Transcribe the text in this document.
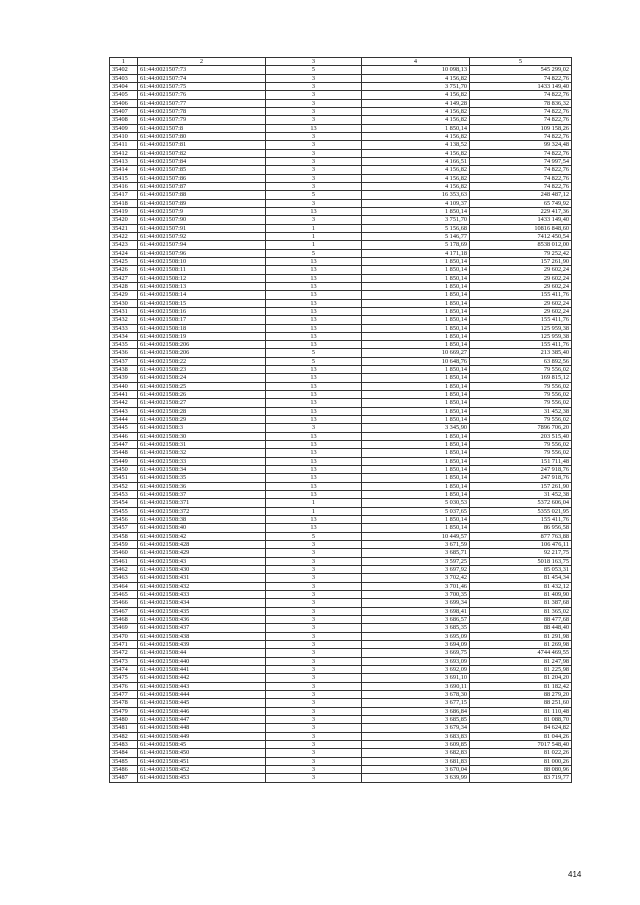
1	2	3	4	5
35402	61:44:0021507:73	5	10 098,13	545 299,02
35403	61:44:0021507:74	3	4 156,82	74 822,76
35404	61:44:0021507:75	3	3 751,70	1433 149,40
35405	61:44:0021507:76	3	4 156,82	74 822,76
35406	61:44:0021507:77	3	4 149,28	78 836,32
35407	61:44:0021507:78	3	4 156,82	74 822,76
35408	61:44:0021507:79	3	4 156,82	74 822,76
35409	61:44:0021507:8	13	1 850,14	109 158,26
35410	61:44:0021507:80	3	4 156,82	74 822,76
35411	61:44:0021507:81	3	4 138,52	99 324,48
35412	61:44:0021507:82	3	4 156,82	74 822,76
35413	61:44:0021507:84	3	4 166,51	74 997,54
35414	61:44:0021507:85	3	4 156,82	74 822,76
35415	61:44:0021507:86	3	4 156,82	74 822,76
35416	61:44:0021507:87	3	4 156,82	74 822,76
35417	61:44:0021507:88	5	16 353,63	248 487,12
35418	61:44:0021507:89	3	4 109,37	65 749,92
35419	61:44:0021507:9	13	1 850,14	229 417,36
35420	61:44:0021507:90	3	3 751,70	1433 149,40
35421	61:44:0021507:91	1	5 156,68	10816 848,60
35422	61:44:0021507:92	1	5 146,77	7412 450,54
35423	61:44:0021507:94	1	5 178,69	8538 012,00
35424	61:44:0021507:96	5	4 171,18	79 252,42
35425	61:44:0021508:10	13	1 850,14	157 261,90
35426	61:44:0021508:11	13	1 850,14	29 602,24
35427	61:44:0021508:12	13	1 850,14	29 602,24
35428	61:44:0021508:13	13	1 850,14	29 602,24
35429	61:44:0021508:14	13	1 850,14	155 411,76
35430	61:44:0021508:15	13	1 850,14	29 602,24
35431	61:44:0021508:16	13	1 850,14	29 602,24
35432	61:44:0021508:17	13	1 850,14	155 411,76
35433	61:44:0021508:18	13	1 850,14	125 959,38
35434	61:44:0021508:19	13	1 850,14	125 959,38
35435	61:44:0021508:206	13	1 850,14	155 411,76
35436	61:44:0021508:206	5	10 669,27	213 385,40
35437	61:44:0021508:22	5	10 648,76	63 892,56
35438	61:44:0021508:23	13	1 850,14	79 556,02
35439	61:44:0021508:24	13	1 850,14	169 815,12
35440	61:44:0021508:25	13	1 850,14	79 556,02
35441	61:44:0021508:26	13	1 850,14	79 556,02
35442	61:44:0021508:27	13	1 850,14	79 556,02
35443	61:44:0021508:28	13	1 850,14	31 452,38
35444	61:44:0021508:29	13	1 850,14	79 556,02
35445	61:44:0021508:3	3	3 345,90	7896 706,20
35446	61:44:0021508:30	13	1 850,14	203 515,40
35447	61:44:0021508:31	13	1 850,14	79 556,02
35448	61:44:0021508:32	13	1 850,14	79 556,02
35449	61:44:0021508:33	13	1 850,14	151 711,48
35450	61:44:0021508:34	13	1 850,14	247 918,76
35451	61:44:0021508:35	13	1 850,14	247 918,76
35452	61:44:0021508:36	13	1 850,14	157 261,90
35453	61:44:0021508:37	13	1 850,14	31 452,38
35454	61:44:0021508:371	1	5 030,53	5372 606,04
35455	61:44:0021508:372	1	5 037,65	5355 021,95
35456	61:44:0021508:38	13	1 850,14	155 411,76
35457	61:44:0021508:40	13	1 850,14	86 956,58
35458	61:44:0021508:42	5	10 449,57	877 763,88
35459	61:44:0021508:428	3	3 671,59	106 476,11
35460	61:44:0021508:429	3	3 685,71	92 217,75
35461	61:44:0021508:43	3	3 597,25	5018 163,75
35462	61:44:0021508:430	3	3 697,92	85 053,31
35463	61:44:0021508:431	3	3 702,42	81 454,34
35464	61:44:0021508:432	3	3 701,46	81 432,12
35465	61:44:0021508:433	3	3 700,35	81 409,90
35466	61:44:0021508:434	3	3 699,34	81 387,68
35467	61:44:0021508:435	3	3 698,41	81 365,02
35468	61:44:0021508:436	3	3 686,57	88 477,68
35469	61:44:0021508:437	3	3 685,35	88 448,40
35470	61:44:0021508:438	3	3 695,09	81 291,98
35471	61:44:0021508:439	3	3 694,09	81 269,98
35472	61:44:0021508:44	3	3 669,75	4744 469,55
35473	61:44:0021508:440	3	3 693,09	81 247,98
35474	61:44:0021508:441	3	3 692,09	81 225,98
35475	61:44:0021508:442	3	3 691,10	81 204,20
35476	61:44:0021508:443	3	3 690,11	81 182,42
35477	61:44:0021508:444	3	3 678,30	88 279,20
35478	61:44:0021508:445	3	3 677,15	88 251,60
35479	61:44:0021508:446	3	3 686,84	81 110,48
35480	61:44:0021508:447	3	3 685,85	81 088,70
35481	61:44:0021508:448	3	3 679,34	84 624,82
35482	61:44:0021508:449	3	3 683,83	81 044,26
35483	61:44:0021508:45	3	3 609,85	7017 548,40
35484	61:44:0021508:450	3	3 682,83	81 022,26
35485	61:44:0021508:451	3	3 681,83	81 000,26
35486	61:44:0021508:452	3	3 670,04	88 080,96
35487	61:44:0021508:453	3	3 639,99	83 719,77
414
